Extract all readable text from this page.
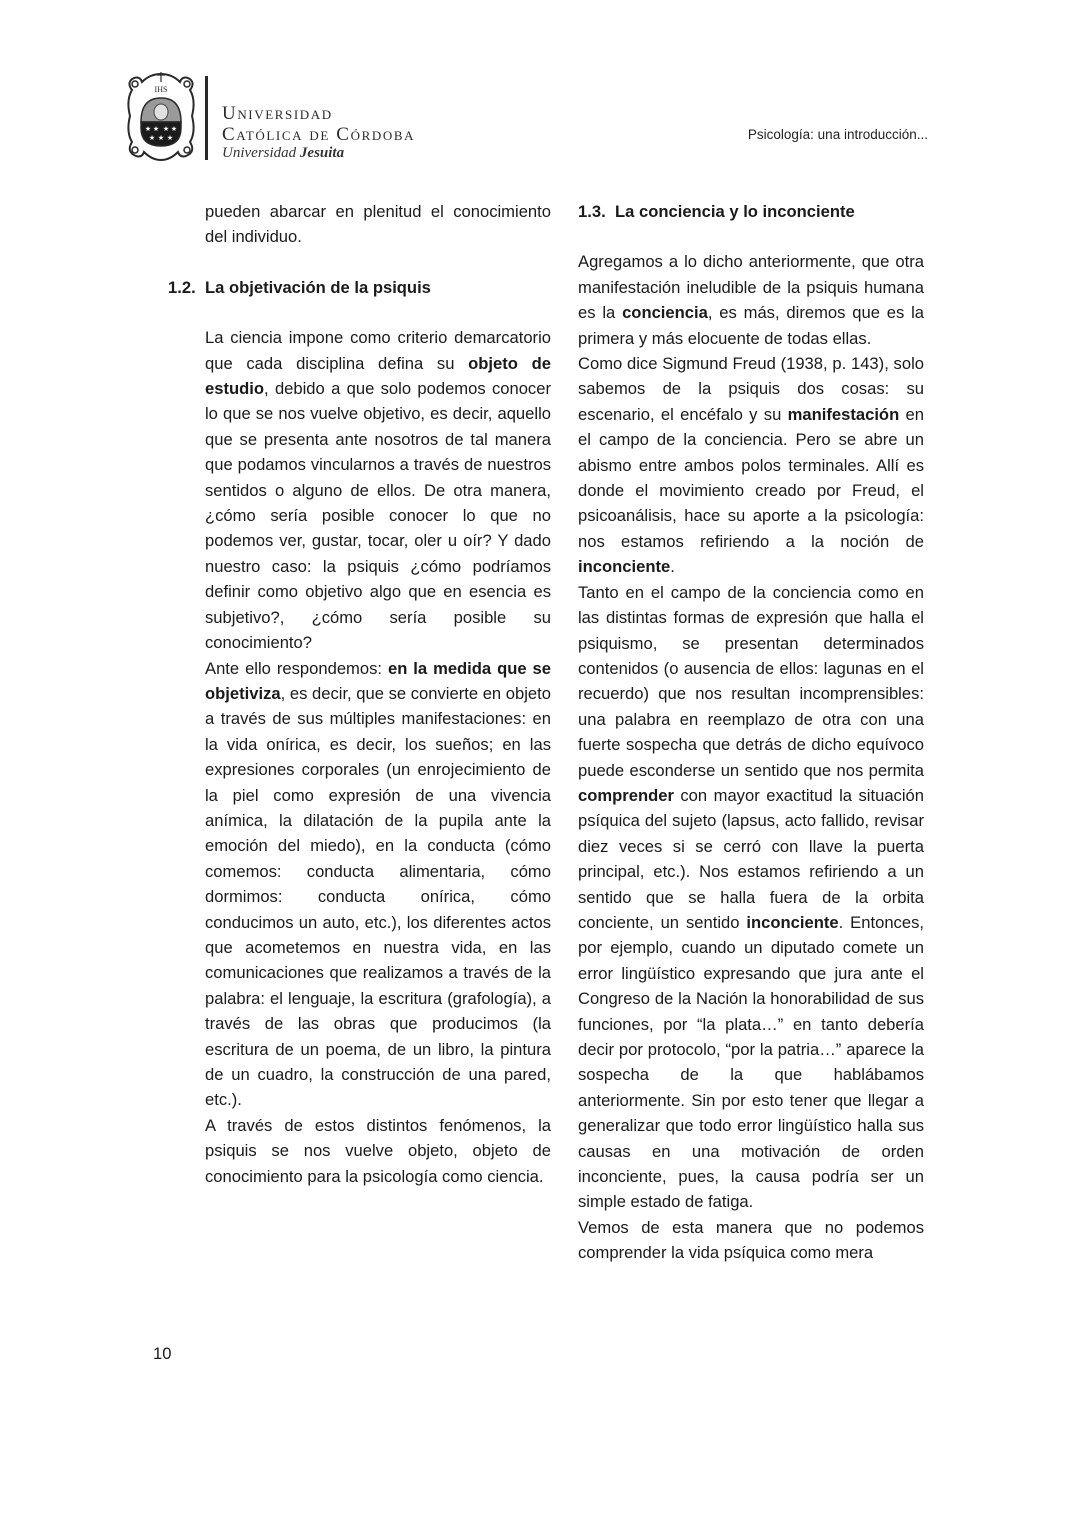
IHS
★ ★ ★ ★
★ ★ ★
Universidad
Católica de Córdoba
Universidad Jesuita
Psicología: una introducción...

pueden abarcar en plenitud el conocimiento del individuo.

1.2. La objetivación de la psiquis

La ciencia impone como criterio demarcatorio que cada disciplina defina su objeto de estudio, debido a que solo podemos conocer lo que se nos vuelve objetivo, es decir, aquello que se presenta ante nosotros de tal manera que podamos vincularnos a través de nuestros sentidos o alguno de ellos. De otra manera, ¿cómo sería posible conocer lo que no podemos ver, gustar, tocar, oler u oír? Y dado nuestro caso: la psiquis ¿cómo podríamos definir como objetivo algo que en esencia es subjetivo?, ¿cómo sería posible su conocimiento?

Ante ello respondemos: en la medida que se objetiviza, es decir, que se convierte en objeto a través de sus múltiples manifestaciones: en la vida onírica, es decir, los sueños; en las expresiones corporales (un enrojecimiento de la piel como expresión de una vivencia anímica, la dilatación de la pupila ante la emoción del miedo), en la conducta (cómo comemos: conducta alimentaria, cómo dormimos: conducta onírica, cómo conducimos un auto, etc.), los diferentes actos que acometemos en nuestra vida, en las comunicaciones que realizamos a través de la palabra: el lenguaje, la escritura (grafología), a través de las obras que producimos (la escritura de un poema, de un libro, la pintura de un cuadro, la construcción de una pared, etc.).

A través de estos distintos fenómenos, la psiquis se nos vuelve objeto, objeto de conocimiento para la psicología como ciencia.

1.3. La conciencia y lo inconciente

Agregamos a lo dicho anteriormente, que otra manifestación ineludible de la psiquis humana es la conciencia, es más, diremos que es la primera y más elocuente de todas ellas.

Como dice Sigmund Freud (1938, p. 143), solo sabemos de la psiquis dos cosas: su escenario, el encéfalo y su manifestación en el campo de la conciencia. Pero se abre un abismo entre ambos polos terminales. Allí es donde el movimiento creado por Freud, el psicoanálisis, hace su aporte a la psicología: nos estamos refiriendo a la noción de inconciente.

Tanto en el campo de la conciencia como en las distintas formas de expresión que halla el psiquismo, se presentan determinados contenidos (o ausencia de ellos: lagunas en el recuerdo) que nos resultan incomprensibles: una palabra en reemplazo de otra con una fuerte sospecha que detrás de dicho equívoco puede esconderse un sentido que nos permita comprender con mayor exactitud la situación psíquica del sujeto (lapsus, acto fallido, revisar diez veces si se cerró con llave la puerta principal, etc.). Nos estamos refiriendo a un sentido que se halla fuera de la orbita conciente, un sentido inconciente. Entonces, por ejemplo, cuando un diputado comete un error lingüístico expresando que jura ante el Congreso de la Nación la honorabilidad de sus funciones, por “la plata…” en tanto debería decir por protocolo, “por la patria…” aparece la sospecha de la que hablábamos anteriormente. Sin por esto tener que llegar a generalizar que todo error lingüístico halla sus causas en una motivación de orden inconciente, pues, la causa podría ser un simple estado de fatiga.

Vemos de esta manera que no podemos comprender la vida psíquica como mera

10
